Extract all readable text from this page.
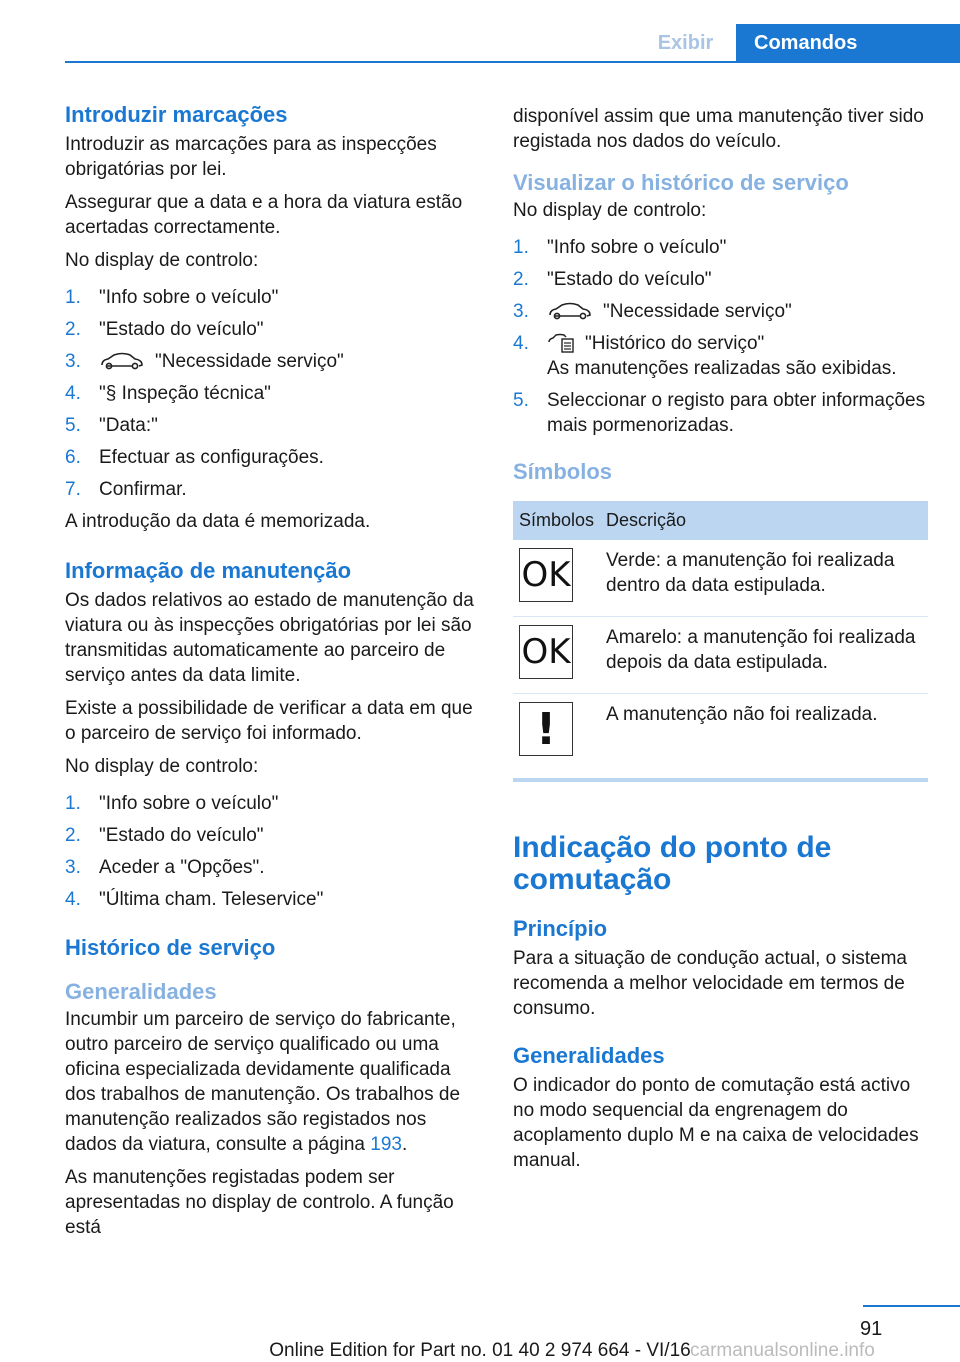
Exibir	Comandos
Introduzir marcações

Introduzir as marcações para as inspecções obrigatórias por lei.

Assegurar que a data e a hora da viatura estão acertadas correctamente.

No display de controlo:

1. "Info sobre o veículo"
2. "Estado do veículo"
3.	"Necessidade serviço"
4. "§ Inspeção técnica"
5. "Data:"
6. Efectuar as configurações.
7. Confirmar.

A introdução da data é memorizada.

Informação de manutenção

Os dados relativos ao estado de manutenção da viatura ou às inspecções obrigatórias por lei são transmitidas automaticamente ao parceiro de serviço antes da data limite.

Existe a possibilidade de verificar a data em que o parceiro de serviço foi informado.

No display de controlo:

1. "Info sobre o veículo"
2. "Estado do veículo"
3. Aceder a "Opções".
4. "Última cham. Teleservice"
Histórico de serviço
Generalidades

Incumbir um parceiro de serviço do fabricante, outro parceiro de serviço qualificado ou uma oficina especializada devidamente qualificada dos trabalhos de manutenção. Os trabalhos de manutenção realizados são registados nos dados da viatura, consulte a página 193.

As manutenções registadas podem ser apresentadas no display de controlo. A função está

disponível assim que uma manutenção tiver sido registada nos dados do veículo.

Visualizar o histórico de serviço

No display de controlo:

1. "Info sobre o veículo"
2. "Estado do veículo"
3.	"Necessidade serviço"
4.	"Histórico do serviço"
As manutenções realizadas são exibidas.
5. Seleccionar o registo para obter informações mais pormenorizadas.
Símbolos
Símbolos	Descrição

OK	Verde: a manutenção foi realizada dentro da data estipulada.

OK	Amarelo: a manutenção foi realizada depois da data estipulada.

!	A manutenção não foi realizada.
Indicação do ponto de comutação
Princípio

Para a situação de condução actual, o sistema recomenda a melhor velocidade em termos de consumo.

Generalidades

O indicador do ponto de comutação está activo no modo sequencial da engrenagem do acoplamento duplo M e na caixa de velocidades manual.

91
Online Edition for Part no. 01 40 2 974 664 - VI/16 carmanualsonline.info
